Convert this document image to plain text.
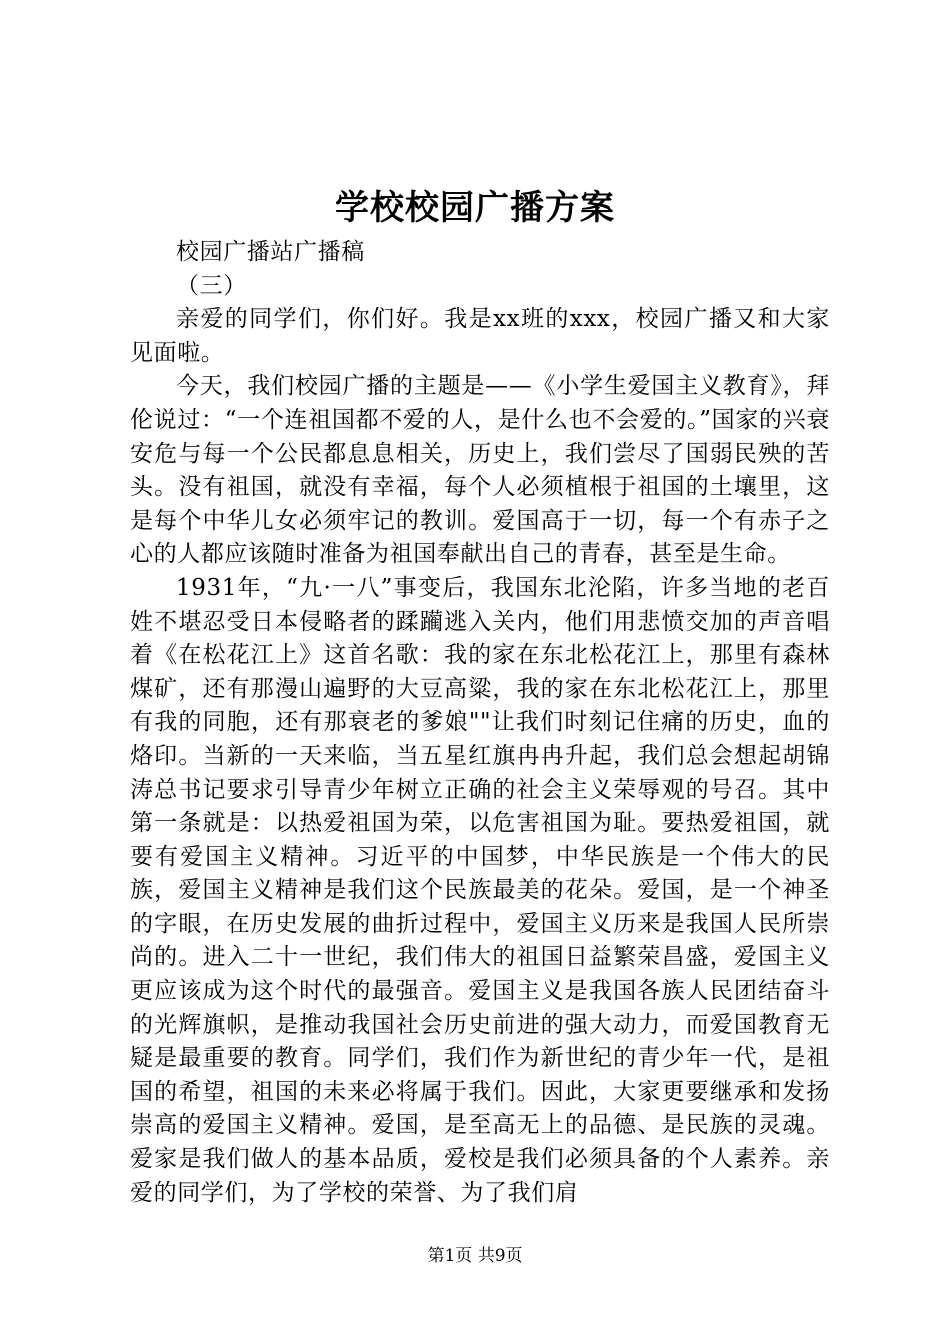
学校校园广播方案

校园广播站广播稿

（三）

亲爱的同学们，你们好。我是xx班的xxx，校园广播又和大家见面啦。

今天，我们校园广播的主题是——《小学生爱国主义教育》，拜伦说过：“一个连祖国都不爱的人，是什么也不会爱的。”国家的兴衰安危与每一个公民都息息相关，历史上，我们尝尽了国弱民殃的苦头。没有祖国，就没有幸福，每个人必须植根于祖国的土壤里，这是每个中华儿女必须牢记的教训。爱国高于一切，每一个有赤子之心的人都应该随时准备为祖国奉献出自己的青春，甚至是生命。

1931年，“九·一八”事变后，我国东北沦陷，许多当地的老百姓不堪忍受日本侵略者的蹂躏逃入关内，他们用悲愤交加的声音唱着《在松花江上》这首名歌：我的家在东北松花江上，那里有森林煤矿，还有那漫山遍野的大豆高粱，我的家在东北松花江上，那里有我的同胞，还有那衰老的爹娘""让我们时刻记住痛的历史，血的烙印。当新的一天来临，当五星红旗冉冉升起，我们总会想起胡锦涛总书记要求引导青少年树立正确的社会主义荣辱观的号召。其中第一条就是：以热爱祖国为荣，以危害祖国为耻。要热爱祖国，就要有爱国主义精神。习近平的中国梦，中华民族是一个伟大的民族，爱国主义精神是我们这个民族最美的花朵。爱国，是一个神圣的字眼，在历史发展的曲折过程中，爱国主义历来是我国人民所崇尚的。进入二十一世纪，我们伟大的祖国日益繁荣昌盛，爱国主义更应该成为这个时代的最强音。爱国主义是我国各族人民团结奋斗的光辉旗帜，是推动我国社会历史前进的强大动力，而爱国教育无疑是最重要的教育。同学们，我们作为新世纪的青少年一代，是祖国的希望，祖国的未来必将属于我们。因此，大家更要继承和发扬崇高的爱国主义精神。爱国，是至高无上的品德、是民族的灵魂。爱家是我们做人的基本品质，爱校是我们必须具备的个人素养。亲爱的同学们，为了学校的荣誉、为了我们肩

第1页 共9页
